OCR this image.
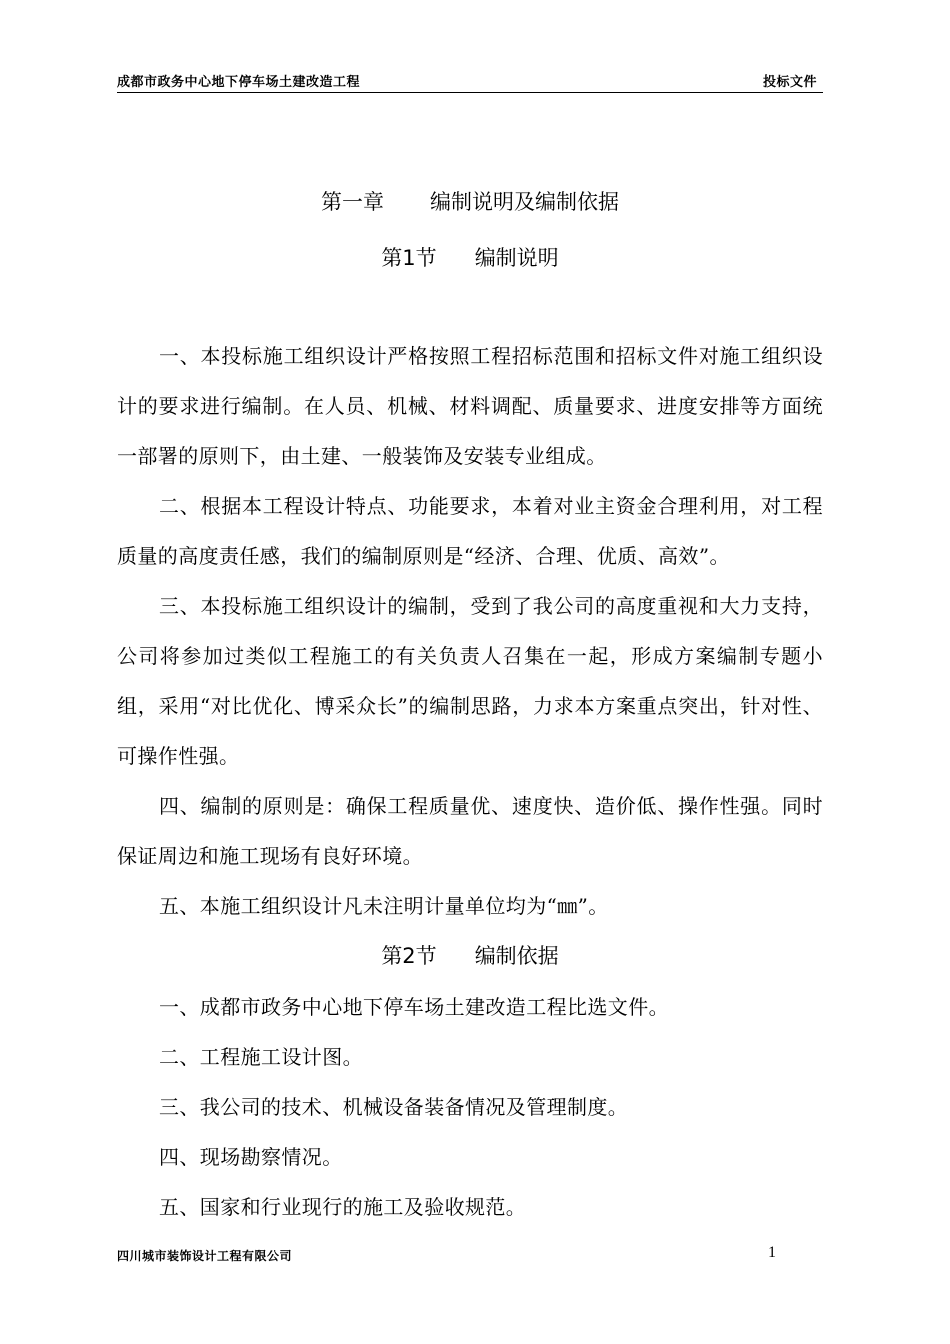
成都市政务中心地下停车场土建改造工程	投标文件
第一章 编制说明及编制依据
第1节 编制说明

一、本投标施工组织设计严格按照工程招标范围和招标文件对施工组织设计的要求进行编制。在人员、机械、材料调配、质量要求、进度安排等方面统一部署的原则下，由土建、一般装饰及安装专业组成。

二、根据本工程设计特点、功能要求，本着对业主资金合理利用，对工程质量的高度责任感，我们的编制原则是“经济、合理、优质、高效”。

三、本投标施工组织设计的编制，受到了我公司的高度重视和大力支持，公司将参加过类似工程施工的有关负责人召集在一起，形成方案编制专题小组，采用“对比优化、博采众长”的编制思路，力求本方案重点突出，针对性、可操作性强。

四、编制的原则是：确保工程质量优、速度快、造价低、操作性强。同时保证周边和施工现场有良好环境。

五、本施工组织设计凡未注明计量单位均为“㎜”。

第2节 编制依据
一、成都市政务中心地下停车场土建改造工程比选文件。
二、工程施工设计图。
三、我公司的技术、机械设备装备情况及管理制度。
四、现场勘察情况。
五、国家和行业现行的施工及验收规范。
四川城市装饰设计工程有限公司	1
